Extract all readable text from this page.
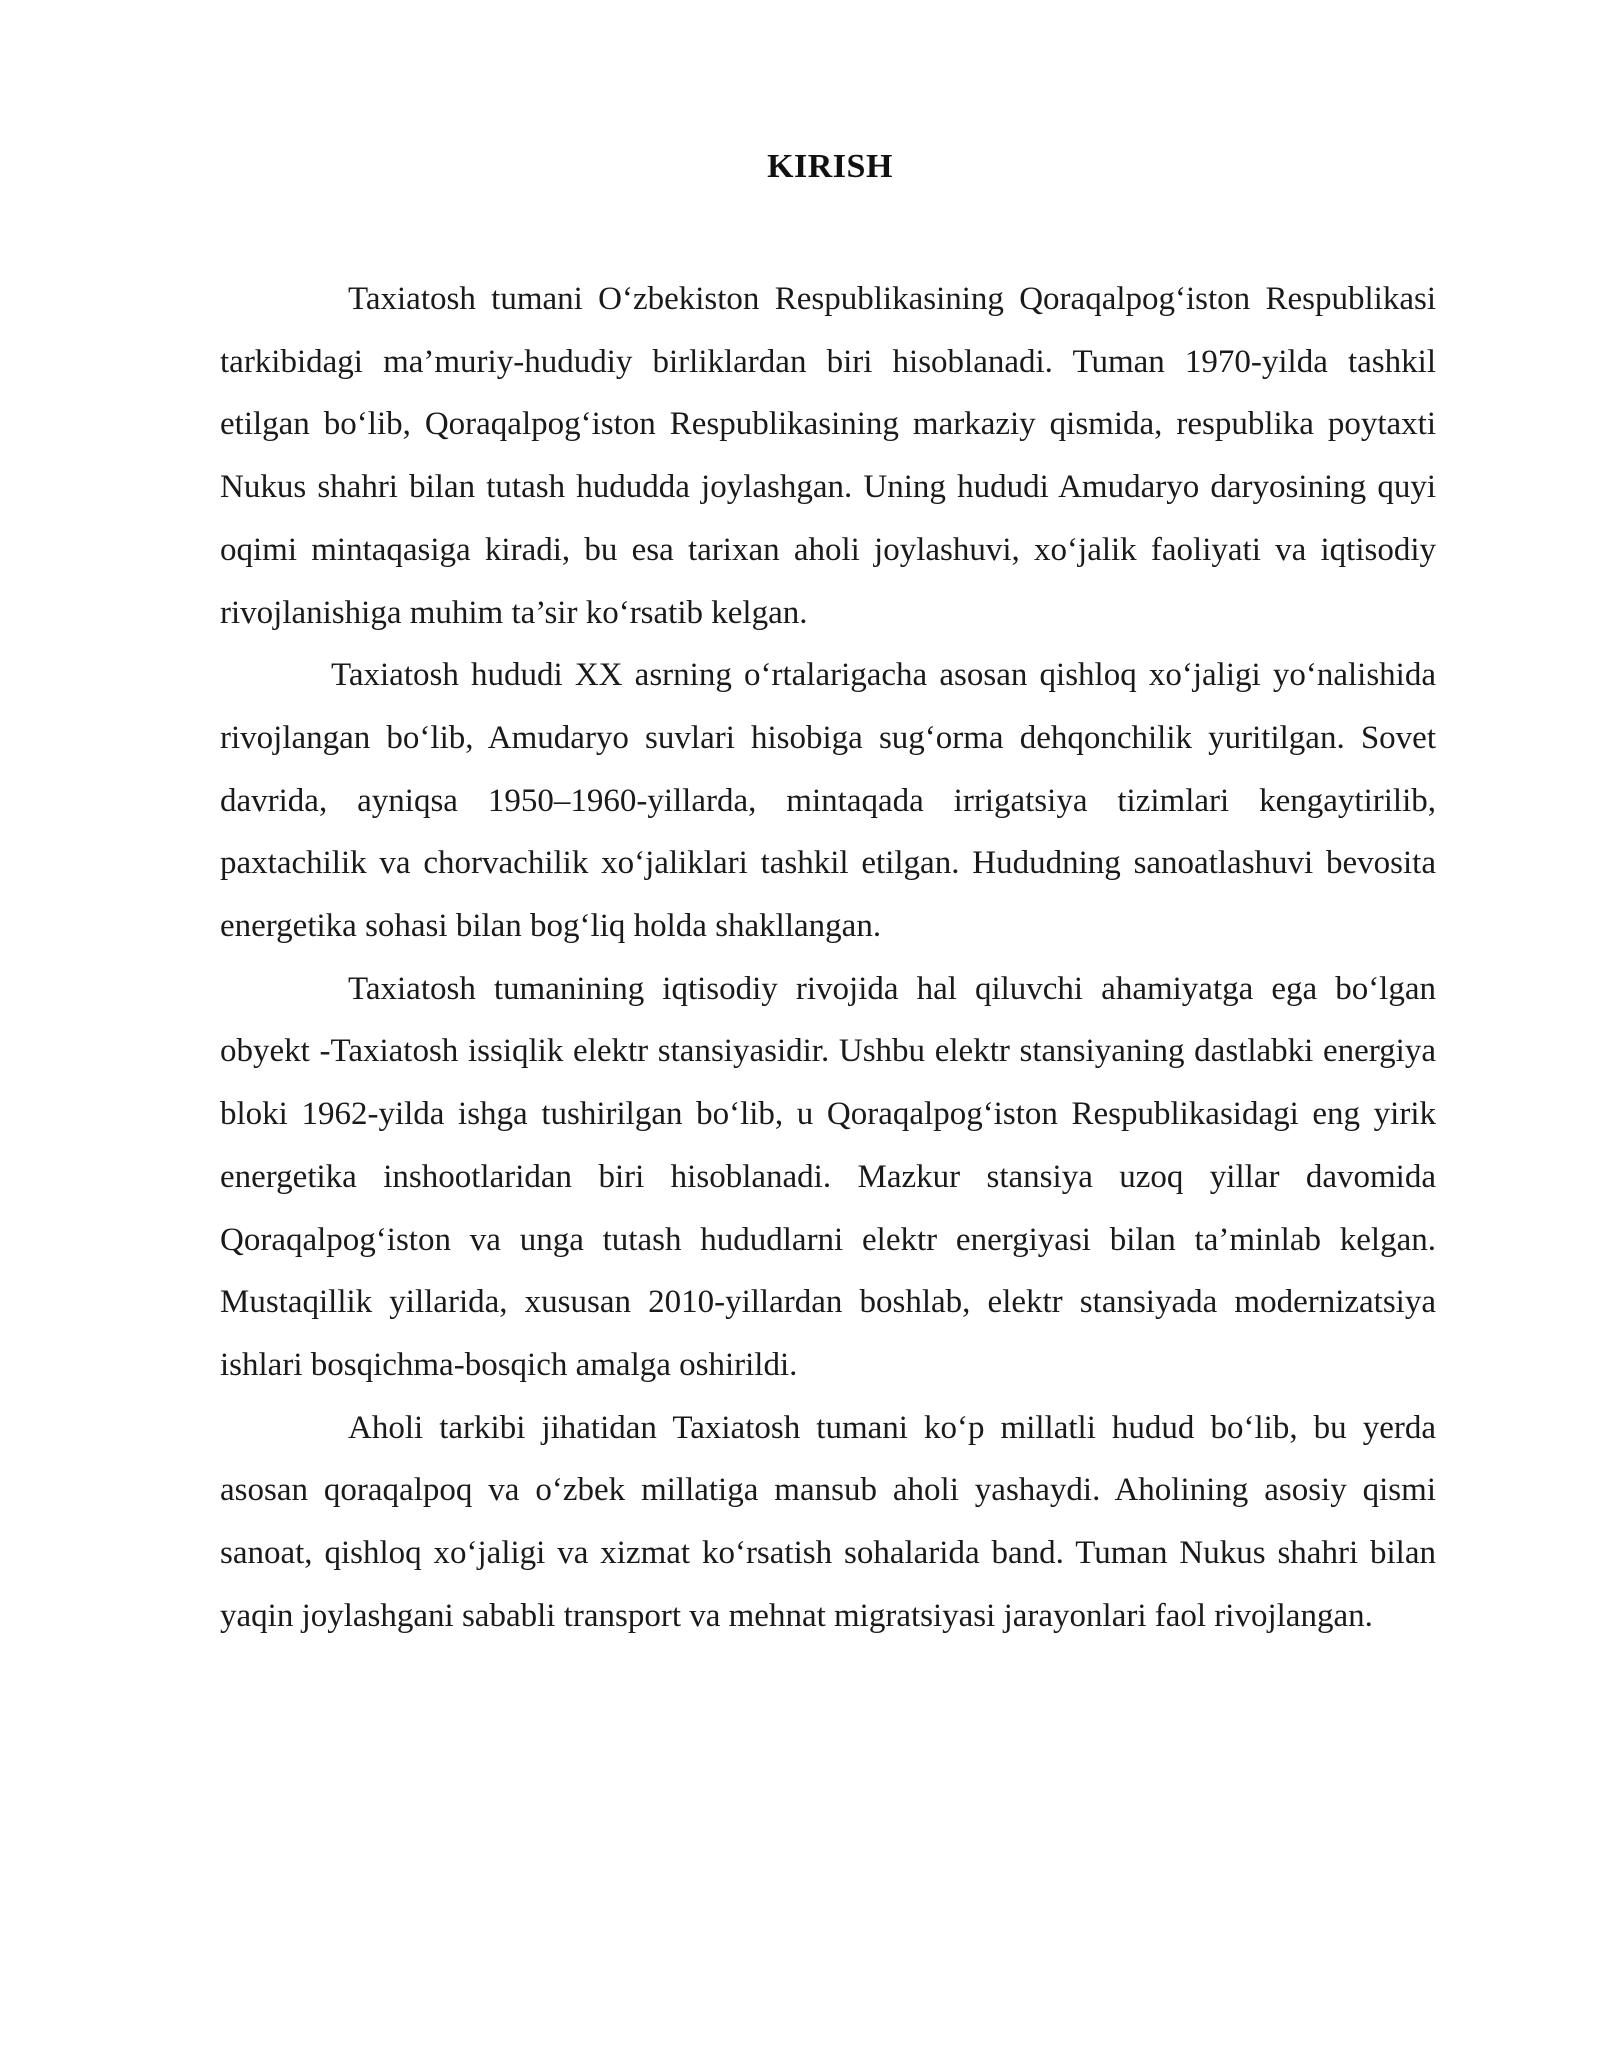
KIRISH

Taxiatosh tumani O‘zbekiston Respublikasining Qoraqalpog‘iston Respublikasi tarkibidagi ma’muriy-hududiy birliklardan biri hisoblanadi. Tuman 1970-yilda tashkil etilgan bo‘lib, Qoraqalpog‘iston Respublikasining markaziy qismida, respublika poytaxti Nukus shahri bilan tutash hududda joylashgan. Uning hududi Amudaryo daryosining quyi oqimi mintaqasiga kiradi, bu esa tarixan aholi joylashuvi, xo‘jalik faoliyati va iqtisodiy rivojlanishiga muhim ta’sir ko‘rsatib kelgan.

Taxiatosh hududi XX asrning o‘rtalarigacha asosan qishloq xo‘jaligi yo‘nalishida rivojlangan bo‘lib, Amudaryo suvlari hisobiga sug‘orma dehqonchilik yuritilgan. Sovet davrida, ayniqsa 1950–1960-yillarda, mintaqada irrigatsiya tizimlari kengaytirilib, paxtachilik va chorvachilik xo‘jaliklari tashkil etilgan. Hududning sanoatlashuvi bevosita energetika sohasi bilan bog‘liq holda shakllangan.

Taxiatosh tumanining iqtisodiy rivojida hal qiluvchi ahamiyatga ega bo‘lgan obyekt -Taxiatosh issiqlik elektr stansiyasidir. Ushbu elektr stansiyaning dastlabki energiya bloki 1962-yilda ishga tushirilgan bo‘lib, u Qoraqalpog‘iston Respublikasidagi eng yirik energetika inshootlaridan biri hisoblanadi. Mazkur stansiya uzoq yillar davomida Qoraqalpog‘iston va unga tutash hududlarni elektr energiyasi bilan ta’minlab kelgan. Mustaqillik yillarida, xususan 2010-yillardan boshlab, elektr stansiyada modernizatsiya ishlari bosqichma-bosqich amalga oshirildi.

Aholi tarkibi jihatidan Taxiatosh tumani ko‘p millatli hudud bo‘lib, bu yerda asosan qoraqalpoq va o‘zbek millatiga mansub aholi yashaydi. Aholining asosiy qismi sanoat, qishloq xo‘jaligi va xizmat ko‘rsatish sohalarida band. Tuman Nukus shahri bilan yaqin joylashgani sababli transport va mehnat migratsiyasi jarayonlari faol rivojlangan.
